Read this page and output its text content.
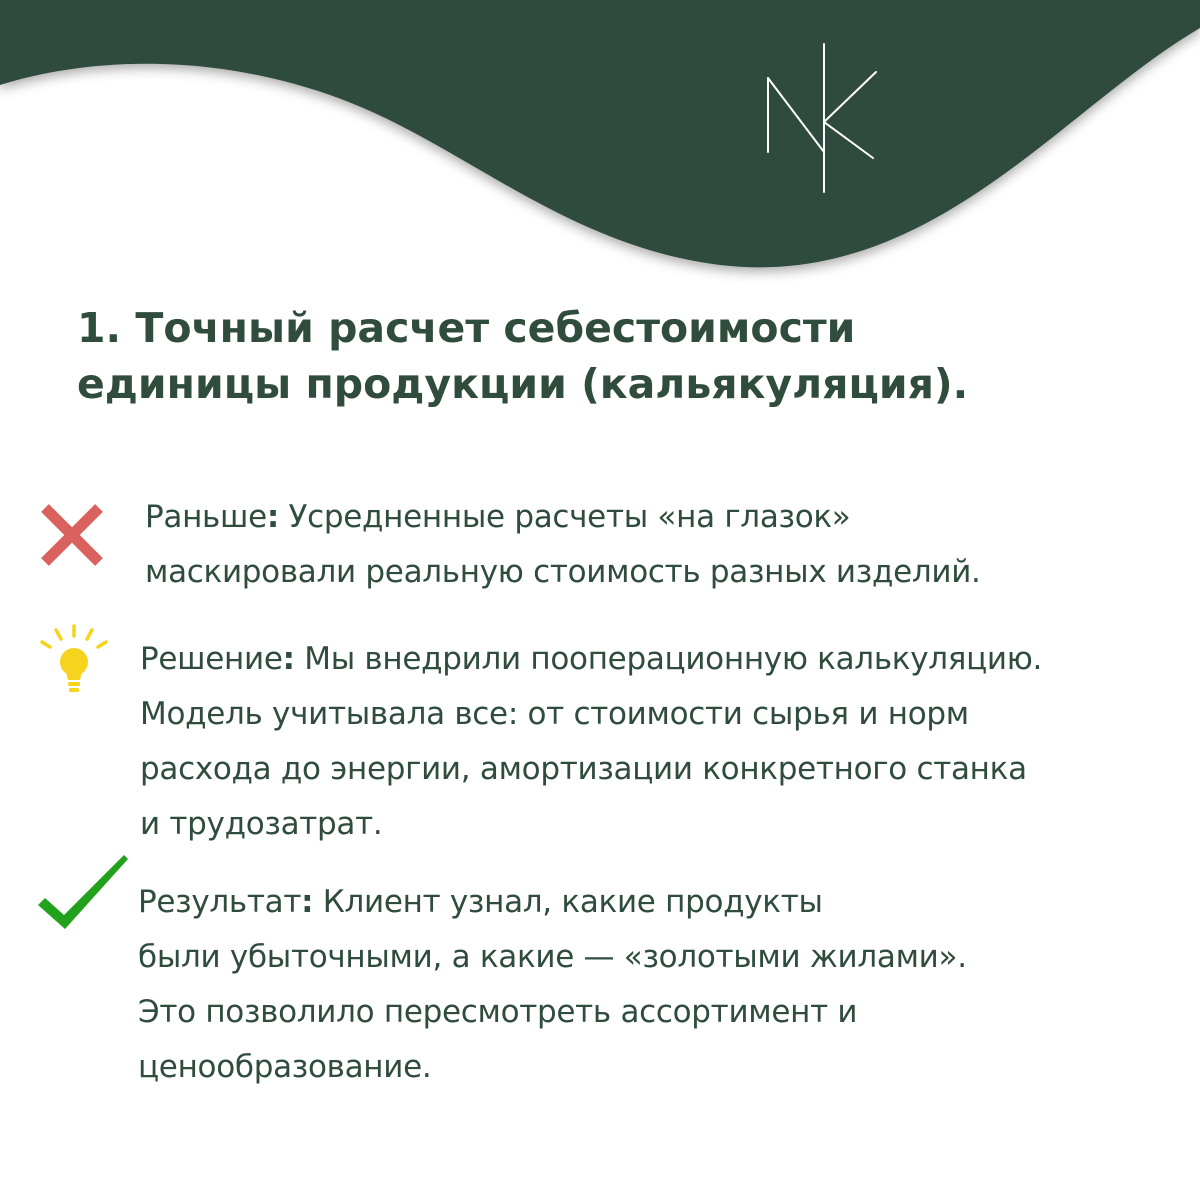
1. Точный расчет себестоимости
единицы продукции (кальякуляция).

Раньше: Усредненные расчеты «на глазок»
маскировали реальную стоимость разных изделий.

Решение: Мы внедрили пооперационную калькуляцию.
Модель учитывала все: от стоимости сырья и норм
расхода до энергии, амортизации конкретного станка
и трудозатрат.

Результат: Клиент узнал, какие продукты
были убыточными, а какие — «золотыми жилами».
Это позволило пересмотреть ассортимент и
ценообразование.
